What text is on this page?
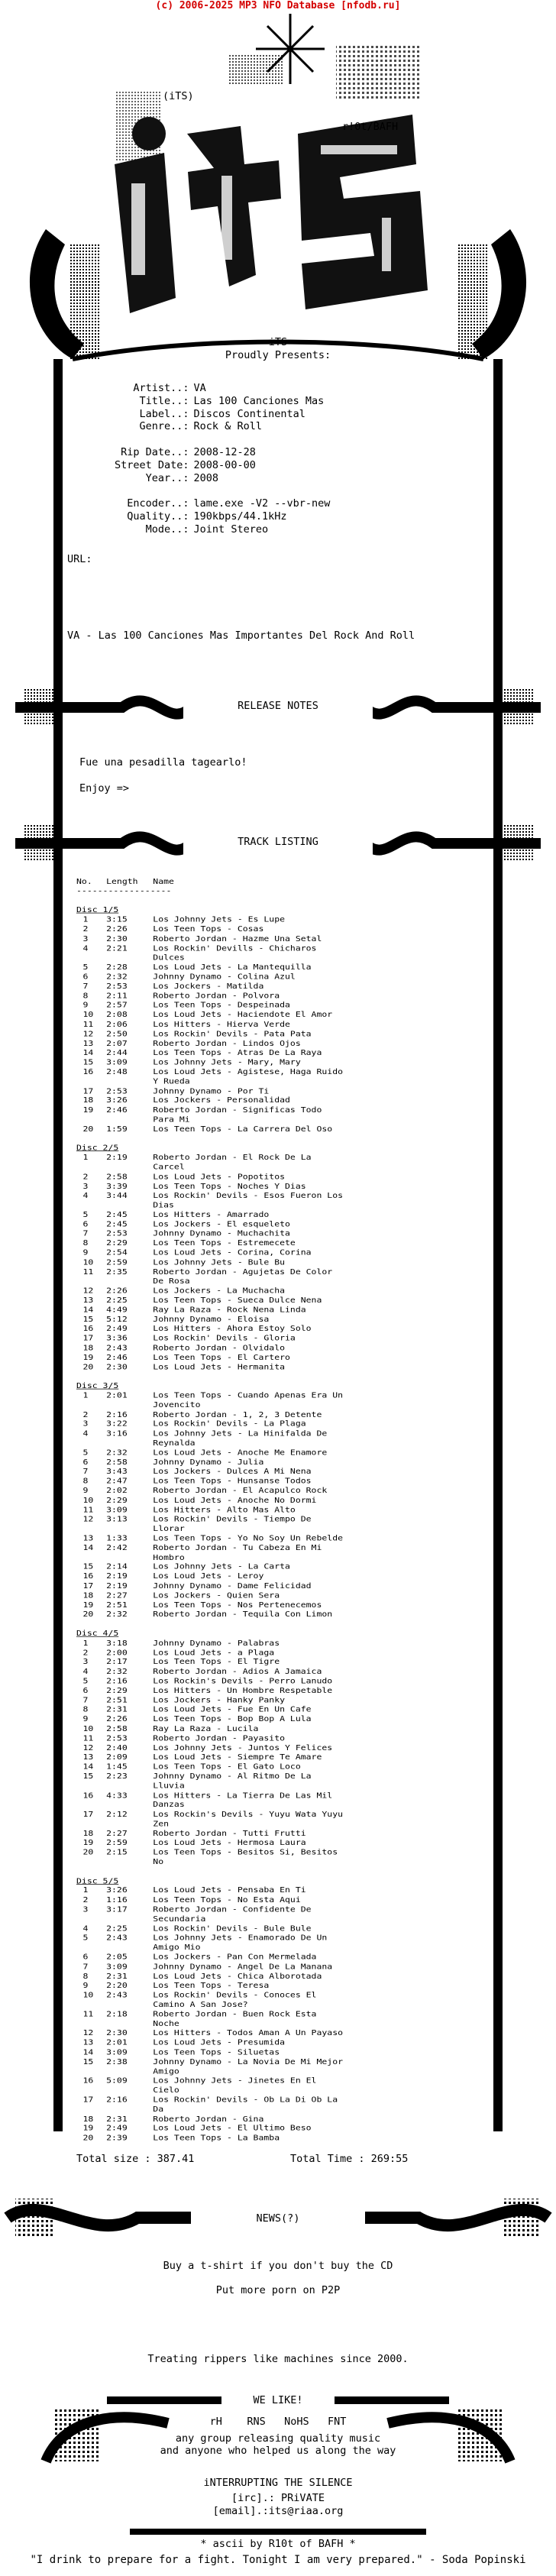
(c) 2006-2025 MP3 NFO Database [nfodb.ru]
(iTS)
r!0t/BAFH
iTS
Proudly Presents:
Artist..: VA
Title..: Las 100 Canciones Mas
Label..: Discos Continental
Genre..: Rock & Roll
Rip Date..: 2008-12-28
Street Date: 2008-00-00
Year..: 2008
Encoder..: lame.exe -V2 --vbr-new
Quality..: 190kbps/44.1kHz
Mode..: Joint Stereo
URL:
VA - Las 100 Canciones Mas Importantes Del Rock And Roll
RELEASE NOTES
Fue una pesadilla tagearlo!
Enjoy =>
TRACK LISTING
No.	Length	Name
------------------
Disc 1/5
1	3:15	Los Johnny Jets - Es Lupe
2	2:26	Los Teen Tops - Cosas
3	2:30	Roberto Jordan - Hazme Una Setal
4	2:21	Los Rockin' Devills - Chicharos Dulces
5	2:28	Los Loud Jets - La Mantequilla
6	2:32	Johnny Dynamo - Colina Azul
7	2:53	Los Jockers - Matilda
8	2:11	Roberto Jordan - Polvora
9	2:57	Los Teen Tops - Despeinada
10	2:08	Los Loud Jets - Haciendote El Amor
11	2:06	Los Hitters - Hierva Verde
12	2:50	Los Rockin' Devils - Pata Pata
13	2:07	Roberto Jordan - Lindos Ojos
14	2:44	Los Teen Tops - Atras De La Raya
15	3:09	Los Johnny Jets - Mary, Mary
16	2:48	Los Loud Jets - Agistese, Haga Ruido Y Rueda
17	2:53	Johnny Dynamo - Por Ti
18	3:26	Los Jockers - Personalidad
19	2:46	Roberto Jordan - Significas Todo Para Mi
20	1:59	Los Teen Tops - La Carrera Del Oso
Disc 2/5
1	2:19	Roberto Jordan - El Rock De La Carcel
2	2:58	Los Loud Jets - Popotitos
3	3:39	Los Teen Tops - Noches Y Dias
4	3:44	Los Rockin' Devils - Esos Fueron Los Dias
5	2:45	Los Hitters - Amarrado
6	2:45	Los Jockers - El esqueleto
7	2:53	Johnny Dynamo - Muchachita
8	2:29	Los Teen Tops - Estremecete
9	2:54	Los Loud Jets - Corina, Corina
10	2:59	Los Johnny Jets - Bule Bu
11	2:35	Roberto Jordan - Agujetas De Color De Rosa
12	2:26	Los Jockers - La Muchacha
13	2:25	Los Teen Tops - Sueca Dulce Nena
14	4:49	Ray La Raza - Rock Nena Linda
15	5:12	Johnny Dynamo - Eloisa
16	2:49	Los Hitters - Ahora Estoy Solo
17	3:36	Los Rockin' Devils - Gloria
18	2:43	Roberto Jordan - Olvidalo
19	2:46	Los Teen Tops - El Cartero
20	2:30	Los Loud Jets - Hermanita
Disc 3/5
1	2:01	Los Teen Tops - Cuando Apenas Era Un Jovencito
2	2:16	Roberto Jordan - 1, 2, 3 Detente
3	3:22	Los Rockin' Devils - La Plaga
4	3:16	Los Johnny Jets - La Hinifalda De Reynalda
5	2:32	Los Loud Jets - Anoche Me Enamore
6	2:58	Johnny Dynamo - Julia
7	3:43	Los Jockers - Dulces A Mi Nena
8	2:47	Los Teen Tops - Hunsanse Todos
9	2:02	Roberto Jordan - El Acapulco Rock
10	2:29	Los Loud Jets - Anoche No Dormi
11	3:09	Los Hitters - Alto Mas Alto
12	3:13	Los Rockin' Devils - Tiempo De Llorar
13	1:33	Los Teen Tops - Yo No Soy Un Rebelde
14	2:42	Roberto Jordan - Tu Cabeza En Mi Hombro
15	2:14	Los Johnny Jets - La Carta
16	2:19	Los Loud Jets - Leroy
17	2:19	Johnny Dynamo - Dame Felicidad
18	2:27	Los Jockers - Quien Sera
19	2:51	Los Teen Tops - Nos Pertenecemos
20	2:32	Roberto Jordan - Tequila Con Limon
Disc 4/5
1	3:18	Johnny Dynamo - Palabras
2	2:00	Los Loud Jets - a Plaga
3	2:17	Los Teen Tops - El Tigre
4	2:32	Roberto Jordan - Adios A Jamaica
5	2:16	Los Rockin's Devils - Perro Lanudo
6	2:29	Los Hitters - Un Hombre Respetable
7	2:51	Los Jockers - Hanky Panky
8	2:31	Los Loud Jets - Fue En Un Cafe
9	2:26	Los Teen Tops - Bop Bop A Lula
10	2:58	Ray La Raza - Lucila
11	2:53	Roberto Jordan - Payasito
12	2:40	Los Johnny Jets - Juntos Y Felices
13	2:09	Los Loud Jets - Siempre Te Amare
14	1:45	Los Teen Tops - El Gato Loco
15	2:23	Johnny Dynamo - Al Ritmo De La Lluvia
16	4:33	Los Hitters - La Tierra De Las Mil Danzas
17	2:12	Los Rockin's Devils - Yuyu Wata Yuyu Zen
18	2:27	Roberto Jordan - Tutti Frutti
19	2:59	Los Loud Jets - Hermosa Laura
20	2:15	Los Teen Tops - Besitos Si, Besitos No
Disc 5/5
1	3:26	Los Loud Jets - Pensaba En Ti
2	1:16	Los Teen Tops - No Esta Aqui
3	3:17	Roberto Jordan - Confidente De Secundaria
4	2:25	Los Rockin' Devils - Bule Bule
5	2:43	Los Johnny Jets - Enamorado De Un Amigo Mio
6	2:05	Los Jockers - Pan Con Mermelada
7	3:09	Johnny Dynamo - Angel De La Manana
8	2:31	Los Loud Jets - Chica Alborotada
9	2:20	Los Teen Tops - Teresa
10	2:43	Los Rockin' Devils - Conoces El Camino A San Jose?
11	2:18	Roberto Jordan - Buen Rock Esta Noche
12	2:30	Los Hitters - Todos Aman A Un Payaso
13	2:01	Los Loud Jets - Presumida
14	3:09	Los Teen Tops - Siluetas
15	2:38	Johnny Dynamo - La Novia De Mi Mejor Amigo
16	5:09	Los Johnny Jets - Jinetes En El Cielo
17	2:16	Los Rockin' Devils - Ob La Di Ob La Da
18	2:31	Roberto Jordan - Gina
19	2:49	Los Loud Jets - El Ultimo Beso
20	2:39	Los Teen Tops - La Bamba
Total size : 387.41	Total Time : 269:55
NEWS(?)
Buy a t-shirt if you don't buy the CD
Put more porn on P2P
Treating rippers like machines since 2000.
WE LIKE!
rH    RNS   NoHS   FNT
any group releasing quality music
and anyone who helped us along the way
iNTERRUPTING THE SILENCE
[irc].: PRiVATE
[email].:its@riaa.org
* ascii by R10t of BAFH *
"I drink to prepare for a fight. Tonight I am very prepared." - Soda Popinski
